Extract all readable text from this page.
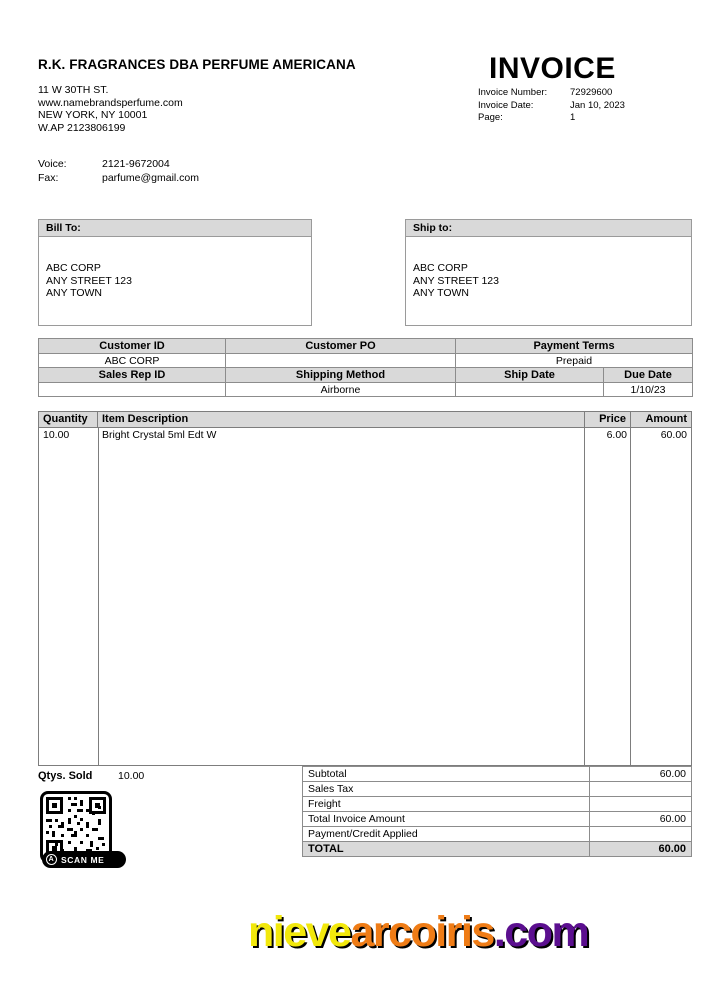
R.K. FRAGRANCES DBA PERFUME AMERICANA
11 W 30TH ST.
www.namebrandsperfume.com
NEW YORK, NY 10001
W.AP 2123806199
Voice:	2121-9672004
Fax:	parfume@gmail.com
INVOICE
Invoice Number:	72929600
Invoice Date:	Jan 10, 2023
Page:	1
Bill To:
ABC CORP
ANY STREET 123
ANY TOWN
Ship to:
ABC CORP
ANY STREET 123
ANY TOWN
Customer ID	Customer PO	Payment Terms	
ABC CORP		Prepaid	
Sales Rep ID	Shipping Method	Ship Date	Due Date
	Airborne		1/10/23
Quantity	Item Description	Price	Amount
10.00	Bright Crystal 5ml Edt W	6.00	60.00
Qtys. Sold 10.00
A SCAN ME
Subtotal	60.00
Sales Tax	
Freight	
Total Invoice Amount	60.00
Payment/Credit Applied	
TOTAL	60.00
nievearcoiris.com
